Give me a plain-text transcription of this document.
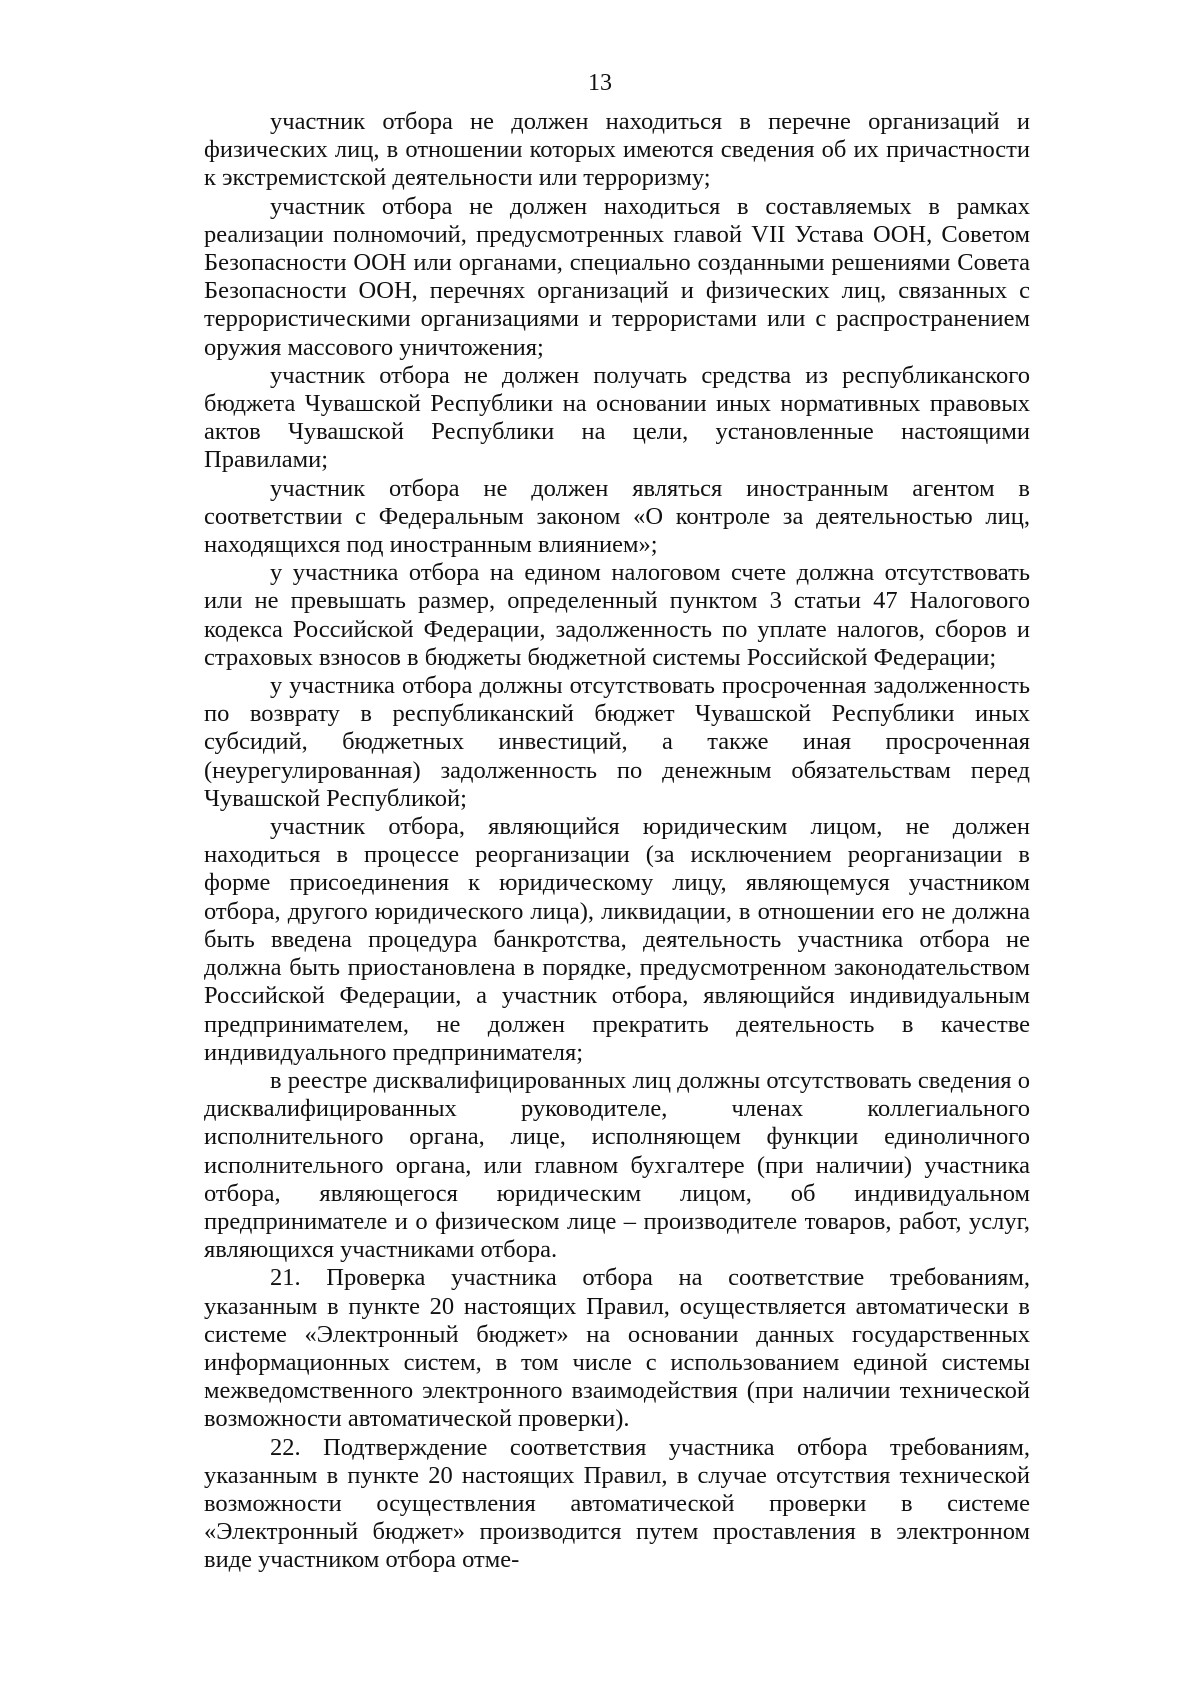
13

участник отбора не должен находиться в перечне организаций и физических лиц, в отношении которых имеются сведения об их причастности к экстремистской деятельности или терроризму;

участник отбора не должен находиться в составляемых в рамках реализации полномочий, предусмотренных главой VII Устава ООН, Советом Безопасности ООН или органами, специально созданными решениями Совета Безопасности ООН, перечнях организаций и физических лиц, связанных с террористическими организациями и террористами или с распространением оружия массового уничтожения;

участник отбора не должен получать средства из республиканского бюджета Чувашской Республики на основании иных нормативных правовых актов Чувашской Республики на цели, установленные настоящими Правилами;

участник отбора не должен являться иностранным агентом в соответствии с Федеральным законом «О контроле за деятельностью лиц, находящихся под иностранным влиянием»;

у участника отбора на едином налоговом счете должна отсутствовать или не превышать размер, определенный пунктом 3 статьи 47 Налогового кодекса Российской Федерации, задолженность по уплате налогов, сборов и страховых взносов в бюджеты бюджетной системы Российской Федерации;

у участника отбора должны отсутствовать просроченная задолженность по возврату в республиканский бюджет Чувашской Республики иных субсидий, бюджетных инвестиций, а также иная просроченная (неурегулированная) задолженность по денежным обязательствам перед Чувашской Республикой;

участник отбора, являющийся юридическим лицом, не должен находиться в процессе реорганизации (за исключением реорганизации в форме присоединения к юридическому лицу, являющемуся участником отбора, другого юридического лица), ликвидации, в отношении его не должна быть введена процедура банкротства, деятельность участника отбора не должна быть приостановлена в порядке, предусмотренном законодательством Российской Федерации, а участник отбора, являющийся индивидуальным предпринимателем, не должен прекратить деятельность в качестве индивидуального предпринимателя;

в реестре дисквалифицированных лиц должны отсутствовать сведения о дисквалифицированных руководителе, членах коллегиального исполнительного органа, лице, исполняющем функции единоличного исполнительного органа, или главном бухгалтере (при наличии) участника отбора, являющегося юридическим лицом, об индивидуальном предпринимателе и о физическом лице – производителе товаров, работ, услуг, являющихся участниками отбора.

21. Проверка участника отбора на соответствие требованиям, указанным в пункте 20 настоящих Правил, осуществляется автоматически в системе «Электронный бюджет» на основании данных государственных информационных систем, в том числе с использованием единой системы межведомственного электронного взаимодействия (при наличии технической возможности автоматической проверки).

22. Подтверждение соответствия участника отбора требованиям, указанным в пункте 20 настоящих Правил, в случае отсутствия технической возможности осуществления автоматической проверки в системе «Электронный бюджет» производится путем проставления в электронном виде участником отбора отме-
